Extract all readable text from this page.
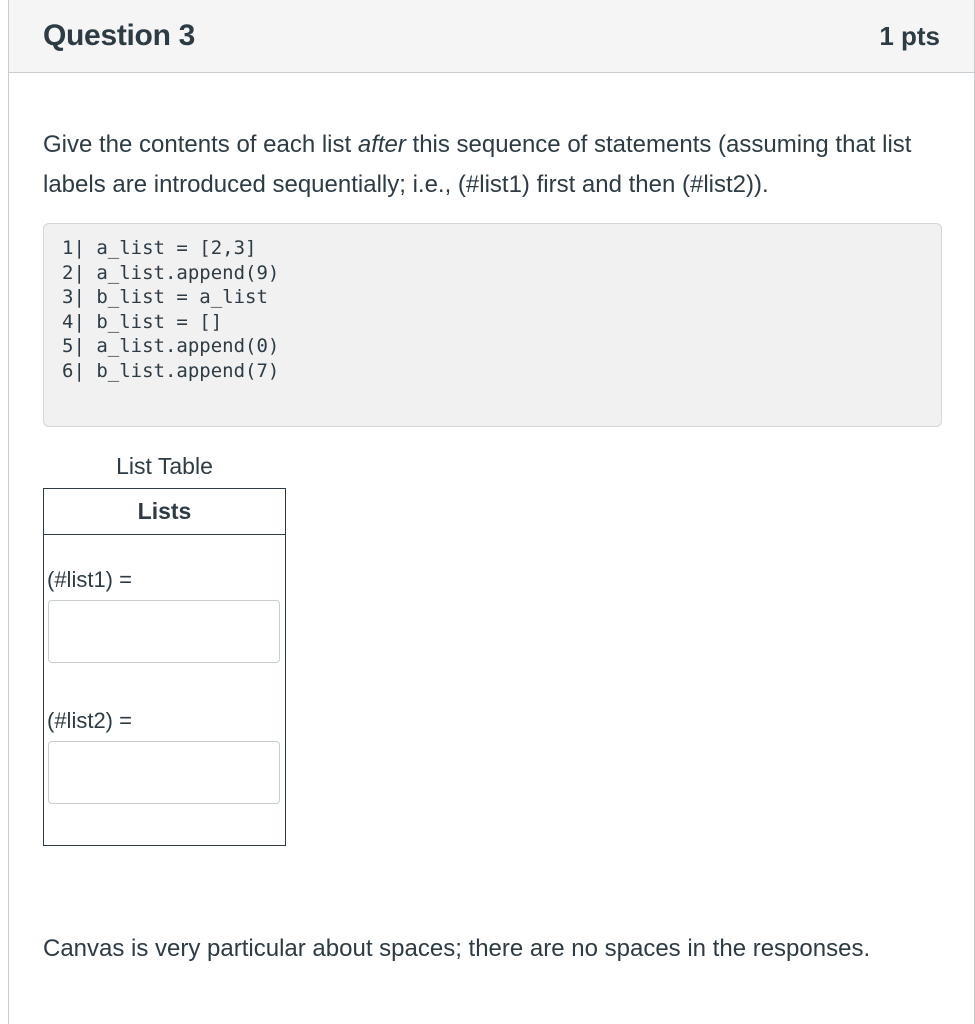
Question 3	1 pts

Give the contents of each list after this sequence of statements (assuming that list labels are introduced sequentially; i.e., (#list1) first and then (#list2)).

1| a_list = [2,3]
2| a_list.append(9)
3| b_list = a_list
4| b_list = []
5| a_list.append(0)
6| b_list.append(7)
List Table
Lists
(#list1) =
(#list2) =

Canvas is very particular about spaces; there are no spaces in the responses.
